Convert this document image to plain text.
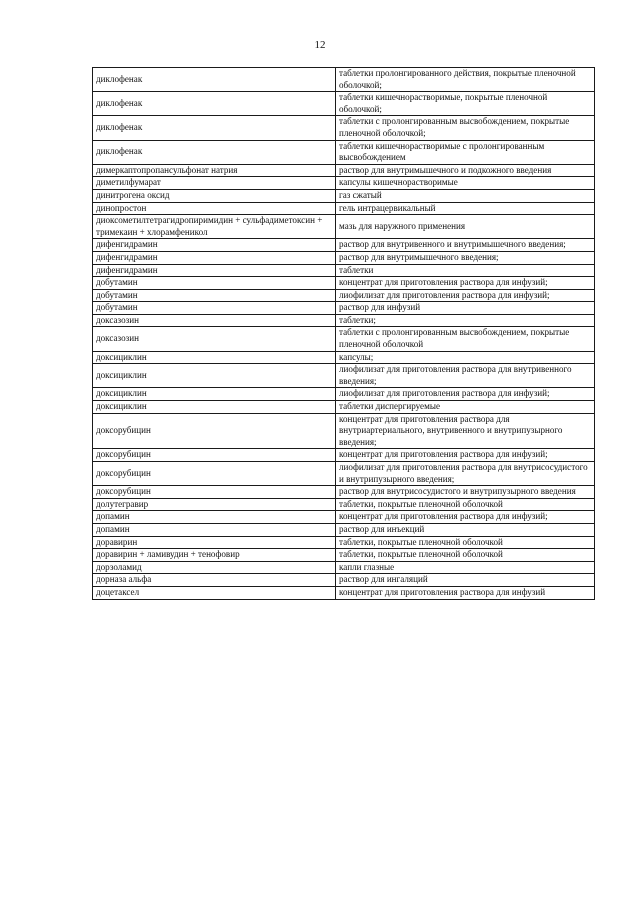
12
диклофенак	таблетки пролонгированного действия, покрытые пленочной оболочкой;
диклофенак	таблетки кишечнорастворимые, покрытые пленочной оболочкой;
диклофенак	таблетки с пролонгированным высвобождением, покрытые пленочной оболочкой;
диклофенак	таблетки кишечнорастворимые с пролонгированным высвобождением
димеркаптопропансульфонат натрия	раствор для внутримышечного и подкожного введения
диметилфумарат	капсулы кишечнорастворимые
динитрогена оксид	газ сжатый
динопростон	гель интрацервикальный
диоксометилтетрагидропиримидин + сульфадиметоксин + тримекаин + хлорамфеникол	мазь для наружного применения
дифенгидрамин	раствор для внутривенного и внутримышечного введения;
дифенгидрамин	раствор для внутримышечного введения;
дифенгидрамин	таблетки
добутамин	концентрат для приготовления раствора для инфузий;
добутамин	лиофилизат для приготовления раствора для инфузий;
добутамин	раствор для инфузий
доксазозин	таблетки;
доксазозин	таблетки с пролонгированным высвобождением, покрытые пленочной оболочкой
доксициклин	капсулы;
доксициклин	лиофилизат для приготовления раствора для внутривенного введения;
доксициклин	лиофилизат для приготовления раствора для инфузий;
доксициклин	таблетки диспергируемые
доксорубицин	концентрат для приготовления раствора для внутриартериального, внутривенного и внутрипузырного введения;
доксорубицин	концентрат для приготовления раствора для инфузий;
доксорубицин	лиофилизат для приготовления раствора для внутрисосудистого и внутрипузырного введения;
доксорубицин	раствор для внутрисосудистого и внутрипузырного введения
долутегравир	таблетки, покрытые пленочной оболочкой
допамин	концентрат для приготовления раствора для инфузий;
допамин	раствор для инъекций
доравирин	таблетки, покрытые пленочной оболочкой
доравирин + ламивудин + тенофовир	таблетки, покрытые пленочной оболочкой
дорзоламид	капли глазные
дорназа альфа	раствор для ингаляций
доцетаксел	концентрат для приготовления раствора для инфузий
